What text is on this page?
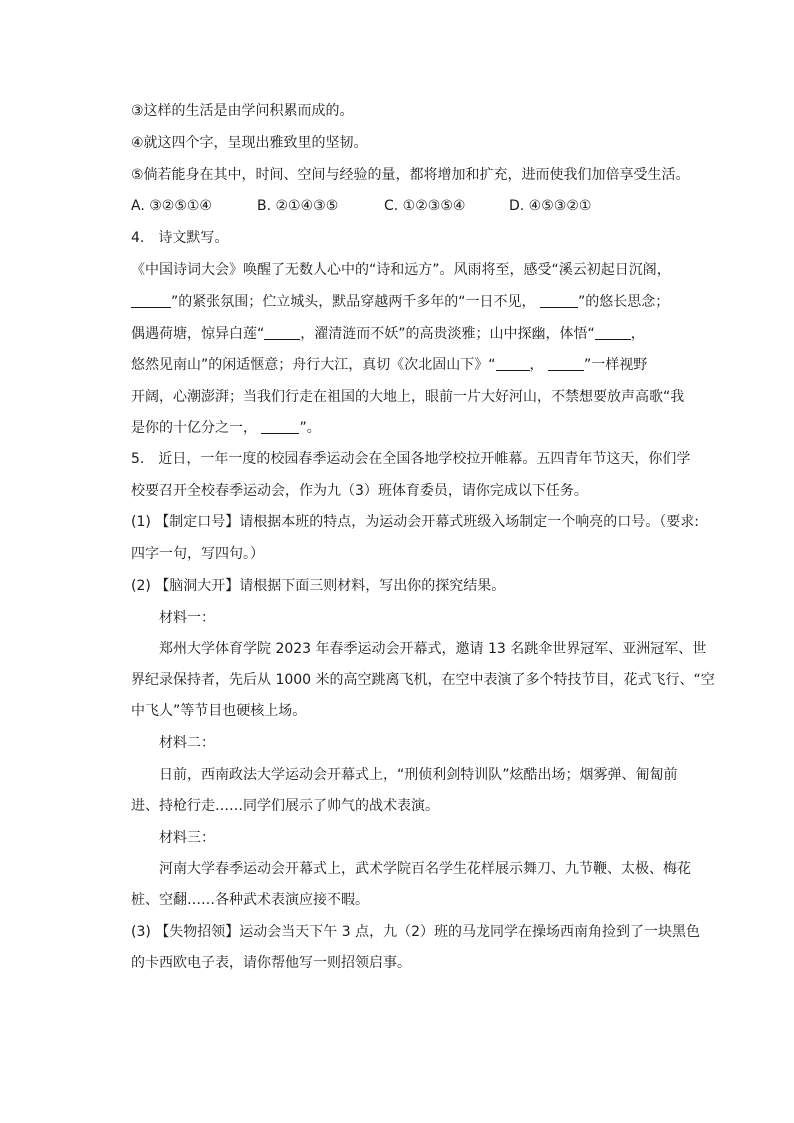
③这样的生活是由学问积累而成的。
④就这四个字，呈现出雅致里的坚韧。
⑤倘若能身在其中，时间、空间与经验的量，都将增加和扩充，进而使我们加倍享受生活。
A. ③②⑤①④	B. ②①④③⑤	C. ①②③⑤④	D. ④⑤③②①
4.　诗文默写。
《中国诗词大会》唤醒了无数人心中的“诗和远方”。风雨将至，感受“溪云初起日沉阁，
”的紧张氛围；伫立城头，默品穿越两千多年的“一日不见，	”的悠长思念；
偶遇荷塘，惊异白莲“	，濯清涟而不妖”的高贵淡雅；山中探幽，体悟“	，
悠然见南山”的闲适惬意；舟行大江，真切《次北固山下》“ ，	”一样视野
开阔，心潮澎湃；当我们行走在祖国的大地上，眼前一片大好河山，不禁想要放声高歌“我
是你的十亿分之一，	”。
5.　近日，一年一度的校园春季运动会在全国各地学校拉开帷幕。五四青年节这天，你们学
校要召开全校春季运动会，作为九（3）班体育委员，请你完成以下任务。
(1) 【制定口号】请根据本班的特点，为运动会开幕式班级入场制定一个响亮的口号。（要求:
四字一句，写四句。）
(2) 【脑洞大开】请根据下面三则材料，写出你的探究结果。
材料一：
郑州大学体育学院 2023 年春季运动会开幕式，邀请 13 名跳伞世界冠军、亚洲冠军、世
界纪录保持者，先后从 1000 米的高空跳离飞机，在空中表演了多个特技节目，花式飞行、“空
中飞人”等节目也硬核上场。
材料二：
日前，西南政法大学运动会开幕式上，“刑侦利剑特训队”炫酷出场；烟雾弹、匍匐前
进、持枪行走……同学们展示了帅气的战术表演。
材料三：
河南大学春季运动会开幕式上，武术学院百名学生花样展示舞刀、九节鞭、太极、梅花
桩、空翻……各种武术表演应接不暇。
(3) 【失物招领】运动会当天下午 3 点，九（2）班的马龙同学在操场西南角捡到了一块黑色
的卡西欧电子表，请你帮他写一则招领启事。
